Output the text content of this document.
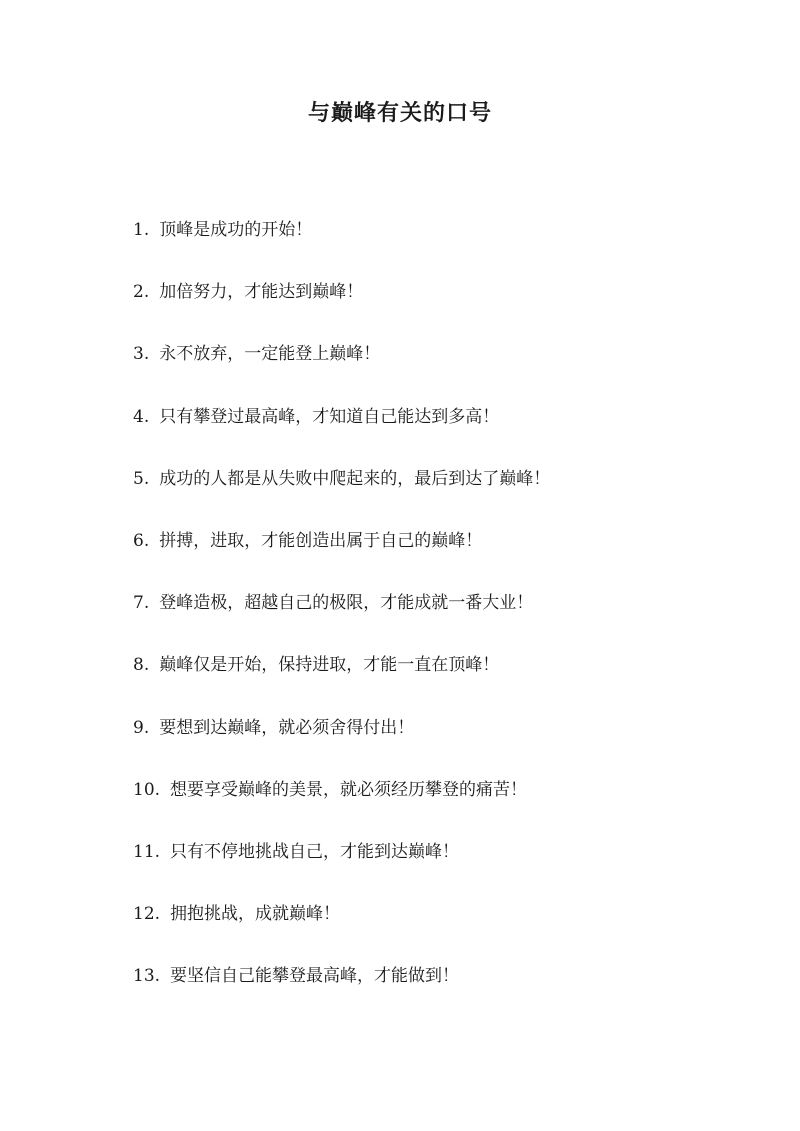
与巅峰有关的口号
1. 顶峰是成功的开始！
2. 加倍努力，才能达到巅峰！
3. 永不放弃，一定能登上巅峰！
4. 只有攀登过最高峰，才知道自己能达到多高！
5. 成功的人都是从失败中爬起来的，最后到达了巅峰！
6. 拼搏，进取，才能创造出属于自己的巅峰！
7. 登峰造极，超越自己的极限，才能成就一番大业！
8. 巅峰仅是开始，保持进取，才能一直在顶峰！
9. 要想到达巅峰，就必须舍得付出！
10. 想要享受巅峰的美景，就必须经历攀登的痛苦！
11. 只有不停地挑战自己，才能到达巅峰！
12. 拥抱挑战，成就巅峰！
13. 要坚信自己能攀登最高峰，才能做到！
